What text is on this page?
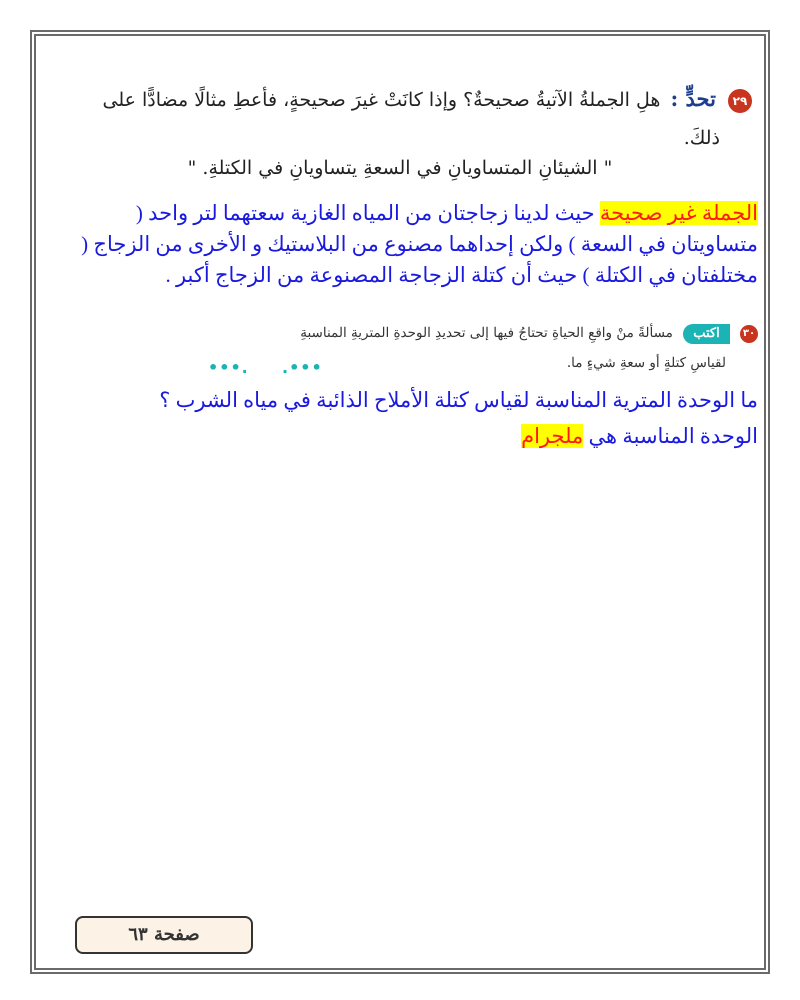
٢٩ تحدٍّ : هلِ الجملةُ الآتيةُ صحيحةٌ؟ وإذا كانَتْ غيرَ صحيحةٍ، فأعطِ مثالًا مضادًّا على
ذلكَ.
" الشيئانِ المتساويانِ في السعةِ يتساويانِ في الكتلةِ. "
الجملة غير صحيحة حيث لدينا زجاجتان من المياه الغازية سعتهما لتر واحد (
متساويتان في السعة ) ولكن إحداهما مصنوع من البلاستيك و الأخرى من الزجاج (
مختلفتان في الكتلة ) حيث أن كتلة الزجاجة المصنوعة من الزجاج أكبر .
٣٠ اكتب مسألةً منْ واقعِ الحياةِ تحتاجُ فيها إلى تحديدِ الوحدةِ المتريةِ المناسبةِ
لقياسِ كتلةٍ أو سعةِ شيءٍ ما.
•••. .•••
ما الوحدة المترية المناسبة لقياس كتلة الأملاح الذائبة في مياه الشرب ؟
الوحدة المناسبة هي ملجرام
صفحة ٦٣
